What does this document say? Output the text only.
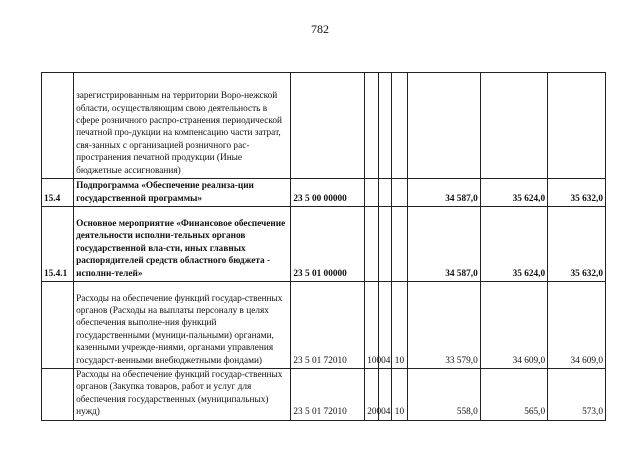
782
	зарегистрированным на территории Воро-нежской области, осуществляющим свою деятельность в сфере розничного распро-странения периодической печатной про-дукции на компенсацию части затрат, свя-занных с организацией розничного рас-пространения печатной продукции (Иные бюджетные ассигнования)							
15.4	Подпрограмма «Обеспечение реализа-ции государственной программы»	23 5 00 00000				34 587,0	35 624,0	35 632,0
15.4.1	Основное мероприятие «Финансовое обеспечение деятельности исполни-тельных органов государственной вла-сти, иных главных распорядителей средств областного бюджета - исполни-телей»	23 5 01 00000				34 587,0	35 624,0	35 632,0
	Расходы на обеспечение функций государ-ственных органов (Расходы на выплаты персоналу в целях обеспечения выполне-ния функций государственными (муници-пальными) органами, казенными учрежде-ниями, органами управления государст-венными внебюджетными фондами)	23 5 01 72010	100	04	10	33 579,0	34 609,0	34 609,0
	Расходы на обеспечение функций государ-ственных органов (Закупка товаров, работ и услуг для обеспечения государственных (муниципальных) нужд)	23 5 01 72010	200	04	10	558,0	565,0	573,0
